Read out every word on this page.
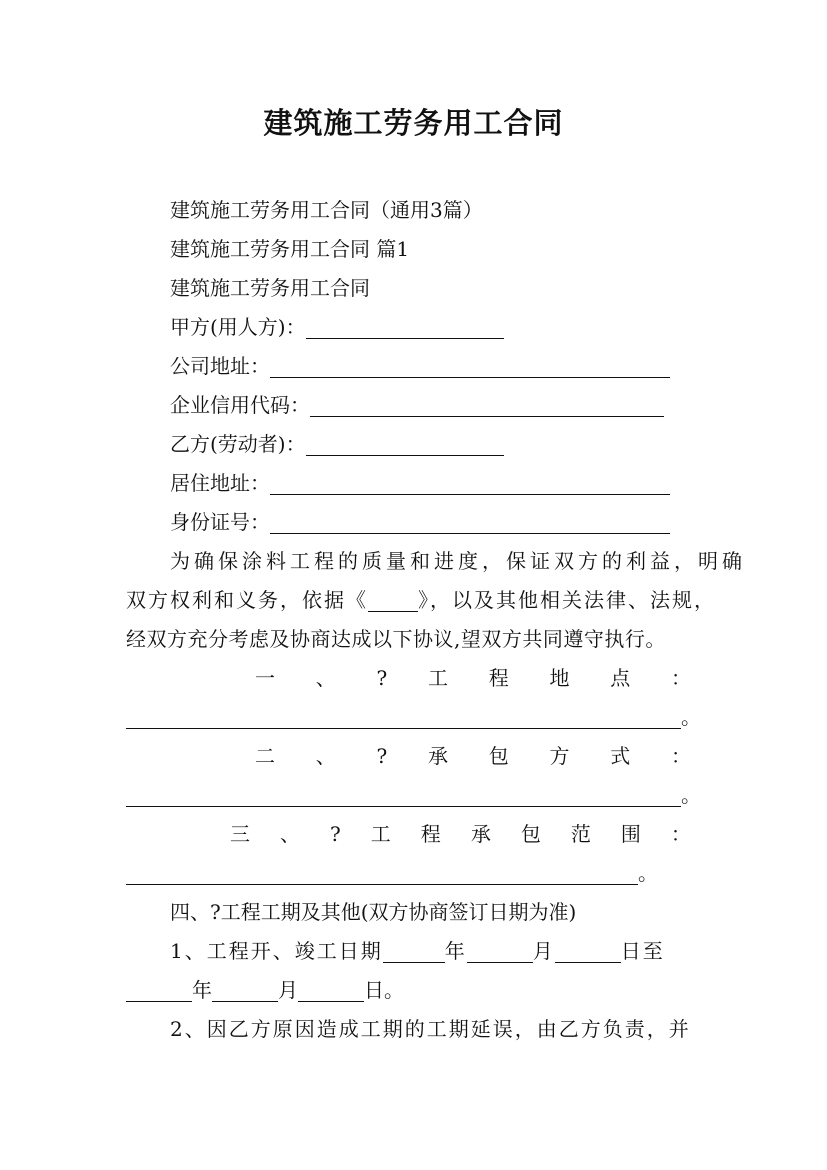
建筑施工劳务用工合同
建筑施工劳务用工合同（通用3篇）
建筑施工劳务用工合同 篇1
建筑施工劳务用工合同
甲方(用人方)：
公司地址：
企业信用代码：
乙方(劳动者)：
居住地址：
身份证号：
为确保涂料工程的质量和进度，保证双方的利益，明确
双方权利和义务，依据《	》，以及其他相关法律、法规，
经双方充分考虑及协商达成以下协议,望双方共同遵守执行。
一 、 ? 工 程 地 点 ：
。
二 、 ? 承 包 方 式 ：
。
三 、 ? 工 程 承 包 范 围 ：
。
四、?工程工期及其他(双方协商签订日期为准)
1、工程开、竣工日期	年	月	日至
年	月	日。
2、因乙方原因造成工期的工期延误，由乙方负责，并
